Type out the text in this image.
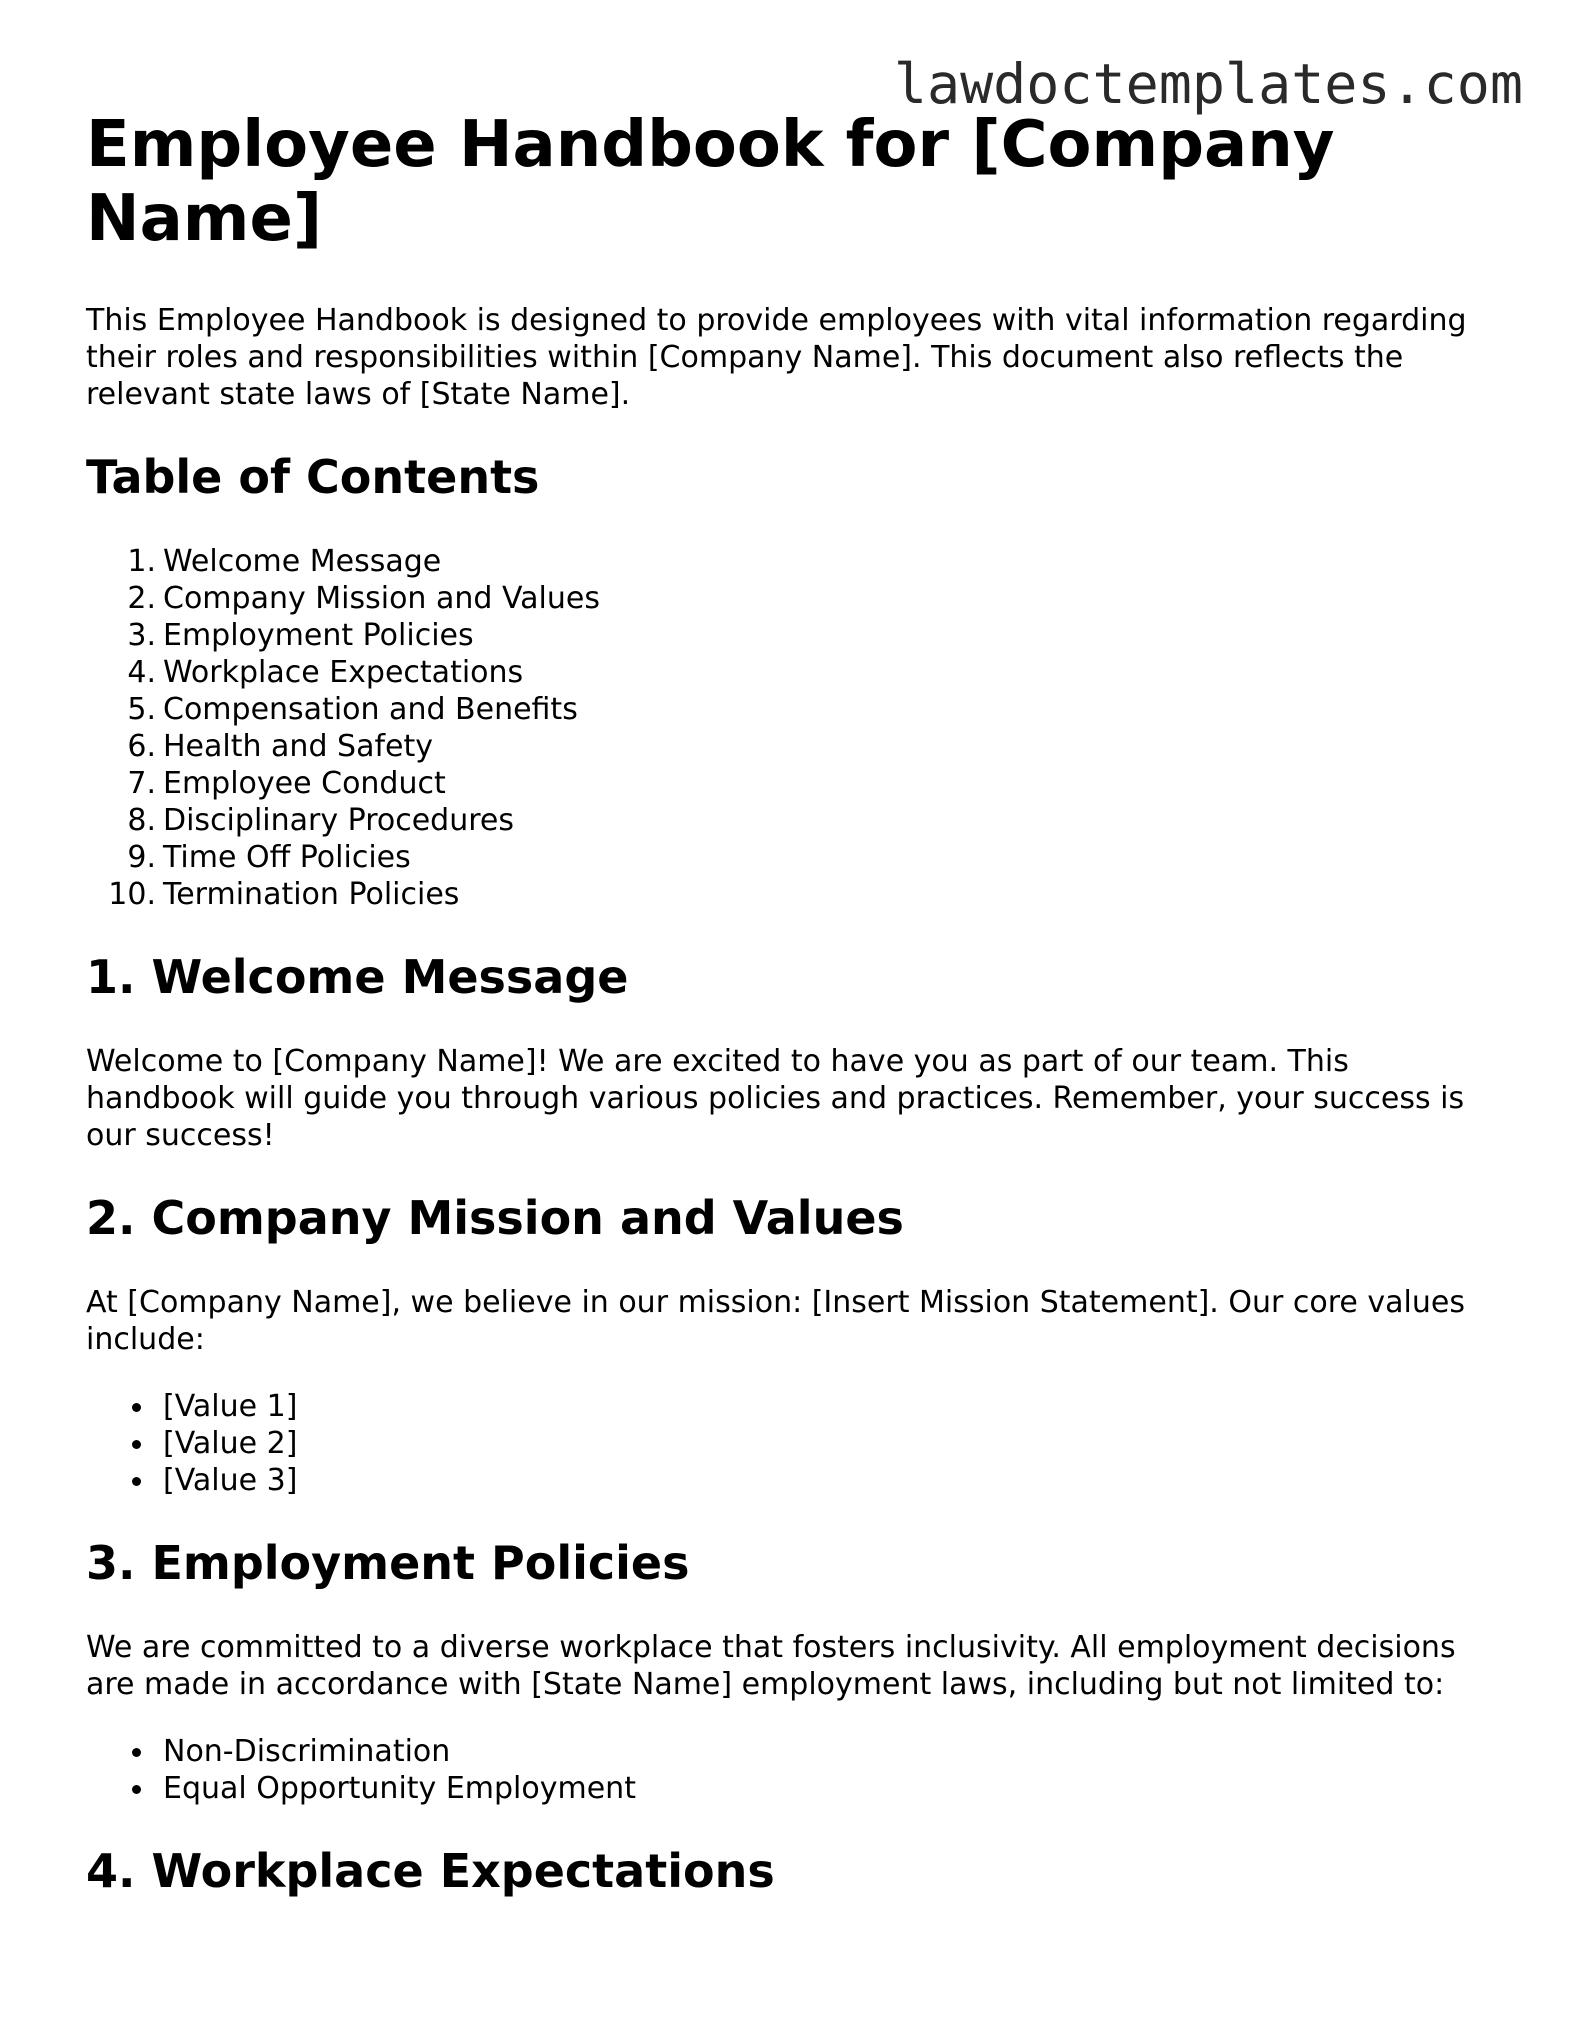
lawdoctemplates.com
Employee Handbook for [Company Name]

This Employee Handbook is designed to provide employees with vital information regarding their roles and responsibilities within [Company Name]. This document also reflects the relevant state laws of [State Name].

Table of Contents
1. Welcome Message
2. Company Mission and Values
3. Employment Policies
4. Workplace Expectations
5. Compensation and Benefits
6. Health and Safety
7. Employee Conduct
8. Disciplinary Procedures
9. Time Off Policies
10. Termination Policies
1. Welcome Message

Welcome to [Company Name]! We are excited to have you as part of our team. This handbook will guide you through various policies and practices. Remember, your success is our success!

2. Company Mission and Values

At [Company Name], we believe in our mission: [Insert Mission Statement]. Our core values include:

[Value 1]
[Value 2]
[Value 3]
3. Employment Policies

We are committed to a diverse workplace that fosters inclusivity. All employment decisions are made in accordance with [State Name] employment laws, including but not limited to:

Non-Discrimination
Equal Opportunity Employment
4. Workplace Expectations
